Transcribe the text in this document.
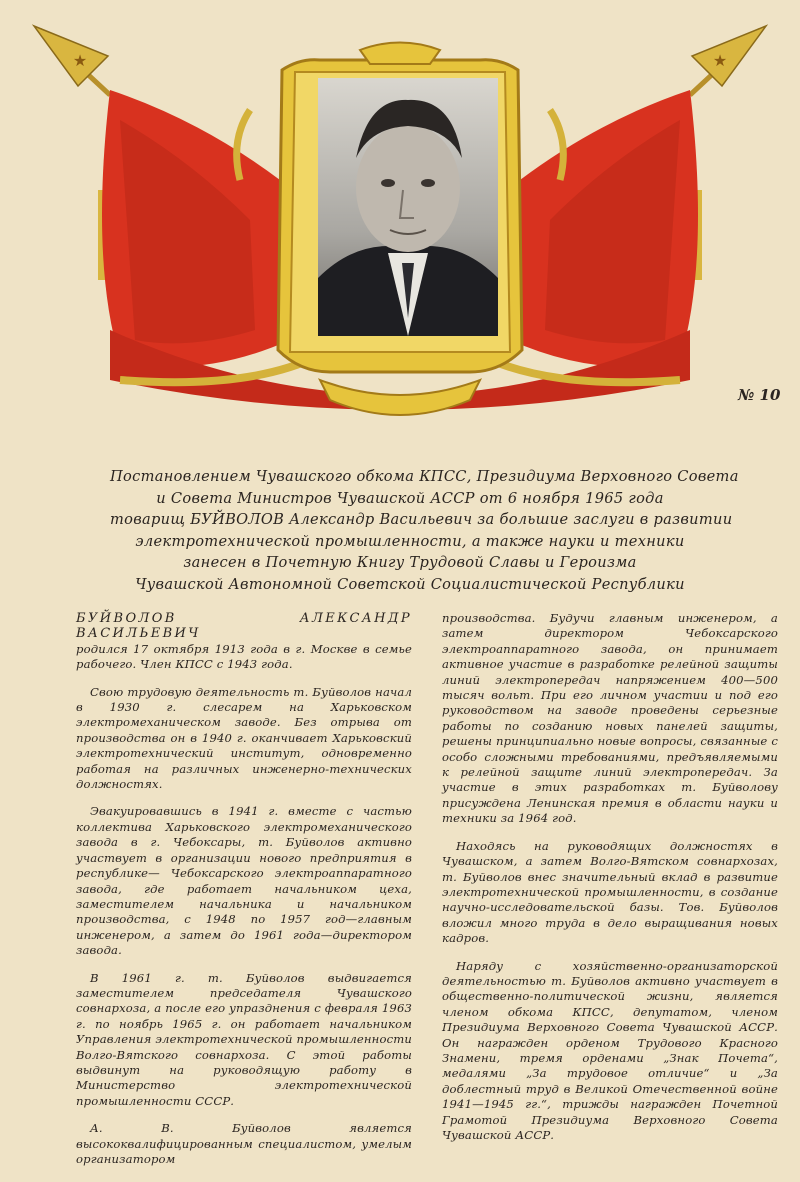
★	★
№ 10
Постановлением Чувашского обкома КПСС, Президиума Верховного Совета
и Совета Министров Чувашской АССР от 6 ноября 1965 года
товарищ БУЙВОЛОВ Александр Васильевич за большие заслуги в развитии
электротехнической промышленности, а также науки и техники
занесен в Почетную Книгу Трудовой Славы и Героизма
Чувашской Автономной Советской Социалистической Республики

БУЙВОЛОВ АЛЕКСАНДР ВАСИЛЬЕВИЧ
родился 17 октября 1913 года в г. Москве в семье рабочего. Член КПСС с 1943 года.

Свою трудовую деятельность т. Буйволов начал в 1930 г. слесарем на Харьковском электромеханическом заводе. Без отрыва от производства он в 1940 г. оканчивает Харьковский электротехнический институт, одновременно работая на различных инженерно-технических должностях.

Эвакуировавшись в 1941 г. вместе с частью коллектива Харьковского электромеханического завода в г. Чебоксары, т. Буйволов активно участвует в организации нового предприятия в республике— Чебоксарского электроаппаратного завода, где работает начальником цеха, заместителем начальника и начальником производства, с 1948 по 1957 год—главным инженером, а затем до 1961 года—директором завода.

В 1961 г. т. Буйволов выдвигается заместителем председателя Чувашского совнархоза, а после его упразднения с февраля 1963 г. по ноябрь 1965 г. он работает начальником Управления электротехнической промышленности Волго-Вятского совнархоза. С этой работы выдвинут на руководящую работу в Министерство электротехнической промышленности СССР.

А. В. Буйволов является высококвалифицированным специалистом, умелым организатором

производства. Будучи главным инженером, а затем директором Чебоксарского электроаппаратного завода, он принимает активное участие в разработке релейной защиты линий электропередач напряжением 400—500 тысяч вольт. При его личном участии и под его руководством на заводе проведены серьезные работы по созданию новых панелей защиты, решены принципиально новые вопросы, связанные с особо сложными требованиями, предъявляемыми к релейной защите линий электропередач. За участие в этих разработках т. Буйволову присуждена Ленинская премия в области науки и техники за 1964 год.

Находясь на руководящих должностях в Чувашском, а затем Волго-Вятском совнархозах, т. Буйволов внес значительный вклад в развитие электротехнической промышленности, в создание научно-исследовательской базы. Тов. Буйволов вложил много труда в дело выращивания новых кадров.

Наряду с хозяйственно-организаторской деятельностью т. Буйволов активно участвует в общественно-политической жизни, является членом обкома КПСС, депутатом, членом Президиума Верховного Совета Чувашской АССР. Он награжден орденом Трудового Красного Знамени, тремя орденами „Знак Почета“, медалями „За трудовое отличие“ и „За доблестный труд в Великой Отечественной войне 1941—1945 гг.“, трижды награжден Почетной Грамотой Президиума Верховного Совета Чувашской АССР.
